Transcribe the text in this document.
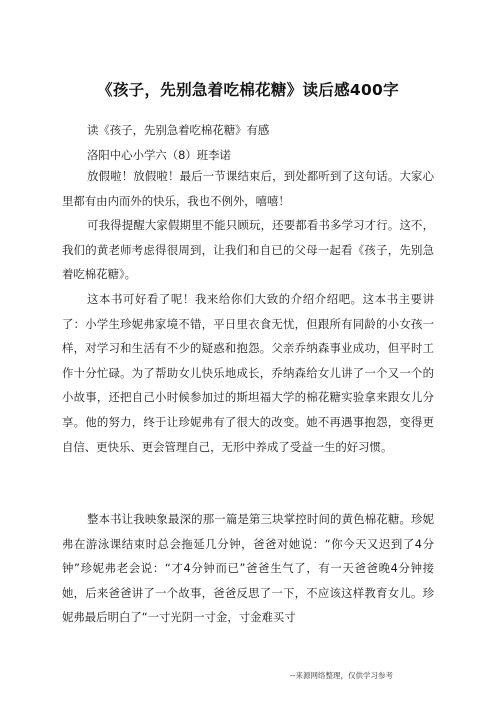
《孩子，先别急着吃棉花糖》读后感400字
读《孩子，先别急着吃棉花糖》有感
洛阳中心小学六（8）班李诺
放假啦！放假啦！最后一节课结束后，到处都听到了这句话。大家心里都有由内而外的快乐，我也不例外，嘻嘻！
可我得提醒大家假期里不能只顾玩，还要都看书多学习才行。这不，我们的黄老师考虑得很周到，让我们和自已的父母一起看《孩子，先别急着吃棉花糖》。
这本书可好看了呢！我来给你们大致的介绍介绍吧。这本书主要讲了：小学生珍妮弗家境不错，平日里衣食无忧，但跟所有同龄的小女孩一样，对学习和生活有不少的疑惑和抱怨。父亲乔纳森事业成功，但平时工作十分忙碌。为了帮助女儿快乐地成长，乔纳森给女儿讲了一个又一个的小故事，还把自己小时候参加过的斯坦福大学的棉花糖实验拿来跟女儿分享。他的努力，终于让珍妮弗有了很大的改变。她不再遇事抱怨，变得更自信、更快乐、更会管理自己，无形中养成了受益一生的好习惯。
整本书让我映象最深的那一篇是第三块掌控时间的黄色棉花糖。珍妮弗在游泳课结束时总会拖延几分钟，爸爸对她说：“你今天又迟到了4分钟”珍妮弗老会说：“才4分钟而已”爸爸生气了，有一天爸爸晚4分钟接她，后来爸爸讲了一个故事，爸爸反思了一下，不应该这样教育女儿。珍妮弗最后明白了“一寸光阴一寸金，寸金难买寸
--来源网络整理，仅供学习参考
